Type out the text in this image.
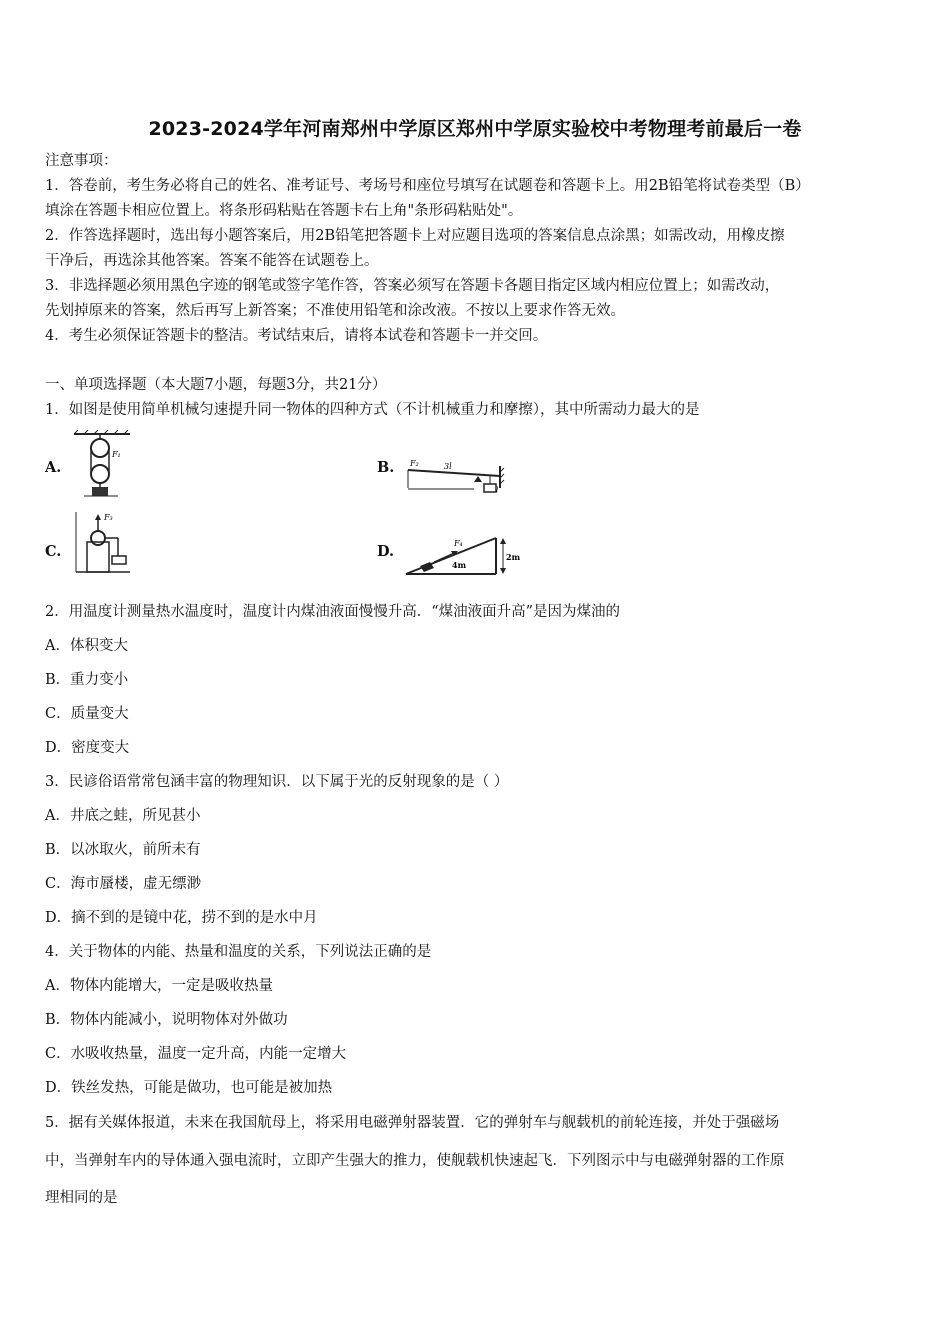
2023-2024学年河南郑州中学原区郑州中学原实验校中考物理考前最后一卷
注意事项：
1．答卷前，考生务必将自己的姓名、准考证号、考场号和座位号填写在试题卷和答题卡上。用2B铅笔将试卷类型（B）
填涂在答题卡相应位置上。将条形码粘贴在答题卡右上角"条形码粘贴处"。
2．作答选择题时，选出每小题答案后，用2B铅笔把答题卡上对应题目选项的答案信息点涂黑；如需改动，用橡皮擦
干净后，再选涂其他答案。答案不能答在试题卷上。
3．非选择题必须用黑色字迹的钢笔或签字笔作答，答案必须写在答题卡各题目指定区域内相应位置上；如需改动，
先划掉原来的答案，然后再写上新答案；不准使用铅笔和涂改液。不按以上要求作答无效。
4．考生必须保证答题卡的整洁。考试结束后，请将本试卷和答题卡一并交回。
一、单项选择题（本大题7小题，每题3分，共21分）
1．如图是使用简单机械匀速提升同一物体的四种方式（不计机械重力和摩擦），其中所需动力最大的是
A.
F₁
B. F₂	3l
l
C.
F₃
D.	F₄
4m
2m
2．用温度计测量热水温度时，温度计内煤油液面慢慢升高．“煤油液面升高”是因为煤油的
A．体积变大
B．重力变小
C．质量变大
D．密度变大
3．民谚俗语常常包涵丰富的物理知识．以下属于光的反射现象的是（ ）
A．井底之蛙，所见甚小
B．以冰取火，前所未有
C．海市蜃楼，虚无缥渺
D．摘不到的是镜中花，捞不到的是水中月
4．关于物体的内能、热量和温度的关系，下列说法正确的是
A．物体内能增大，一定是吸收热量
B．物体内能减小，说明物体对外做功
C．水吸收热量，温度一定升高，内能一定增大
D．铁丝发热，可能是做功，也可能是被加热
5．据有关媒体报道，未来在我国航母上，将采用电磁弹射器装置．它的弹射车与舰载机的前轮连接，并处于强磁场
中，当弹射车内的导体通入强电流时，立即产生强大的推力，使舰载机快速起飞．下列图示中与电磁弹射器的工作原
理相同的是
